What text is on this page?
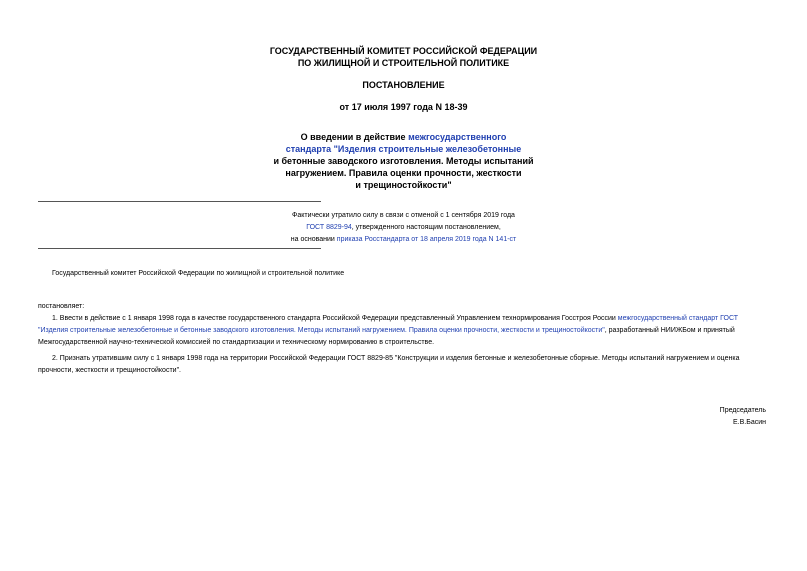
ГОСУДАРСТВЕННЫЙ КОМИТЕТ РОССИЙСКОЙ ФЕДЕРАЦИИ
ПО ЖИЛИЩНОЙ И СТРОИТЕЛЬНОЙ ПОЛИТИКЕ
ПОСТАНОВЛЕНИЕ
от 17 июля 1997 года N 18-39
О введении в действие межгосударственного
стандарта "Изделия строительные железобетонные
и бетонные заводского изготовления. Методы испытаний
нагружением. Правила оценки прочности, жесткости
и трещиностойкости"
Фактически утратило силу в связи с отменой с 1 сентября 2019 года
ГОСТ 8829-94, утвержденного настоящим постановлением,
на основании приказа Росстандарта от 18 апреля 2019 года N 141-ст
Государственный комитет Российской Федерации по жилищной и строительной политике
постановляет:
1. Ввести в действие с 1 января 1998 года в качестве государственного стандарта Российской Федерации представленный Управлением технормирования Госстроя России межгосударственный стандарт ГОСТ
"Изделия строительные железобетонные и бетонные заводского изготовления. Методы испытаний нагружением. Правила оценки прочности, жесткости и трещиностойкости", разработанный НИИЖБом и принятый
Межгосударственной научно-технической комиссией по стандартизации и техническому нормированию в строительстве.
2. Признать утратившим силу с 1 января 1998 года на территории Российской Федерации ГОСТ 8829-85 "Конструкции и изделия бетонные и железобетонные сборные. Методы испытаний нагружением и оценка
прочности, жесткости и трещиностойкости".
Председатель
Е.В.Басин
